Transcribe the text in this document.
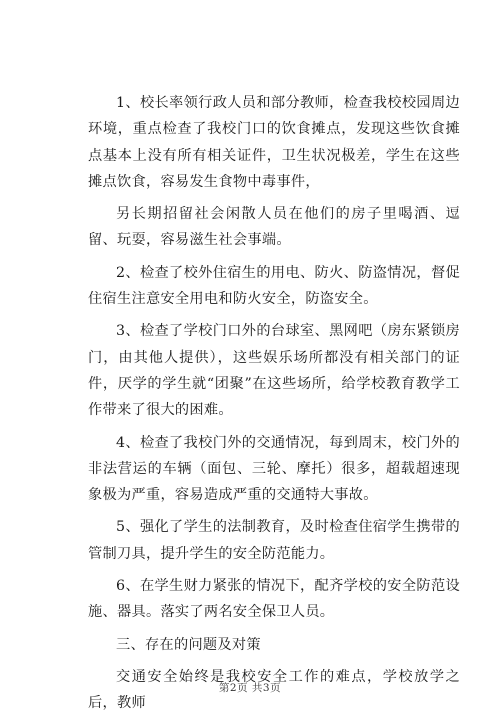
1、校长率领行政人员和部分教师，检查我校校园周边环境，重点检查了我校门口的饮食摊点，发现这些饮食摊点基本上没有所有相关证件，卫生状况极差，学生在这些摊点饮食，容易发生食物中毒事件，

另长期招留社会闲散人员在他们的房子里喝酒、逗留、玩耍，容易滋生社会事端。

2、检查了校外住宿生的用电、防火、防盗情况，督促住宿生注意安全用电和防火安全，防盗安全。

3、检查了学校门口外的台球室、黑网吧（房东紧锁房门，由其他人提供），这些娱乐场所都没有相关部门的证件，厌学的学生就“团聚”在这些场所，给学校教育教学工作带来了很大的困难。

4、检查了我校门外的交通情况，每到周末，校门外的非法营运的车辆（面包、三轮、摩托）很多，超载超速现象极为严重，容易造成严重的交通特大事故。

5、强化了学生的法制教育，及时检查住宿学生携带的管制刀具，提升学生的安全防范能力。

6、在学生财力紧张的情况下，配齐学校的安全防范设施、器具。落实了两名安全保卫人员。

三、存在的问题及对策

交通安全始终是我校安全工作的难点，学校放学之后，教师

第2页 共3页
